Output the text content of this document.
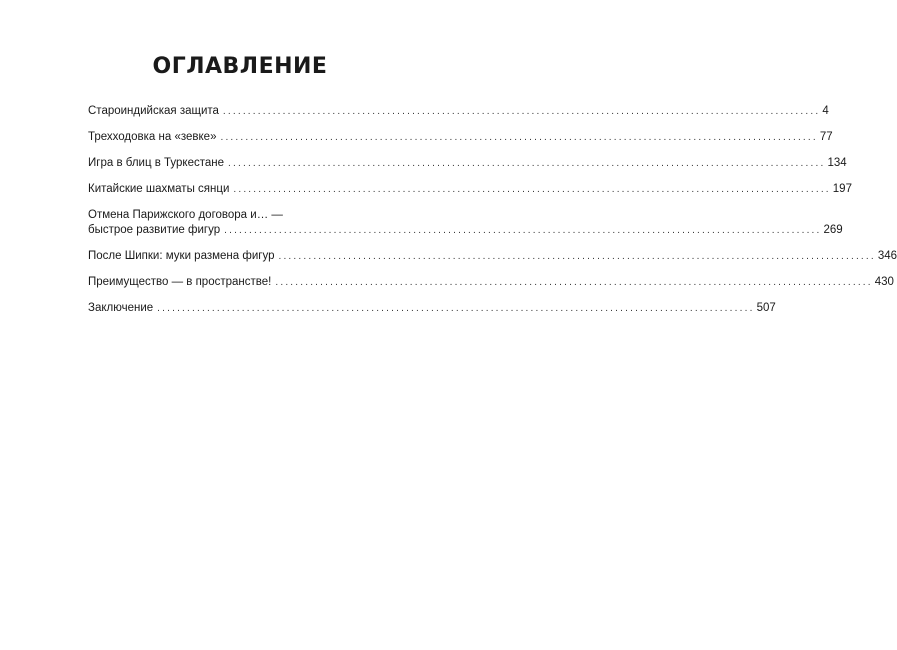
ОГЛАВЛЕНИЕ
Староиндийская защита ........................................................................................................................ 4
Трехходовка на «зевке» ........................................................................................................................ 77
Игра в блиц в Туркестане ........................................................................................................................ 134
Китайские шахматы сянци ........................................................................................................................ 197
Отмена Парижского договора и… —
быстрое развитие фигур ........................................................................................................................ 269
После Шипки: муки размена фигур ........................................................................................................................ 346
Преимущество — в пространстве! ........................................................................................................................ 430
Заключение ........................................................................................................................ 507
